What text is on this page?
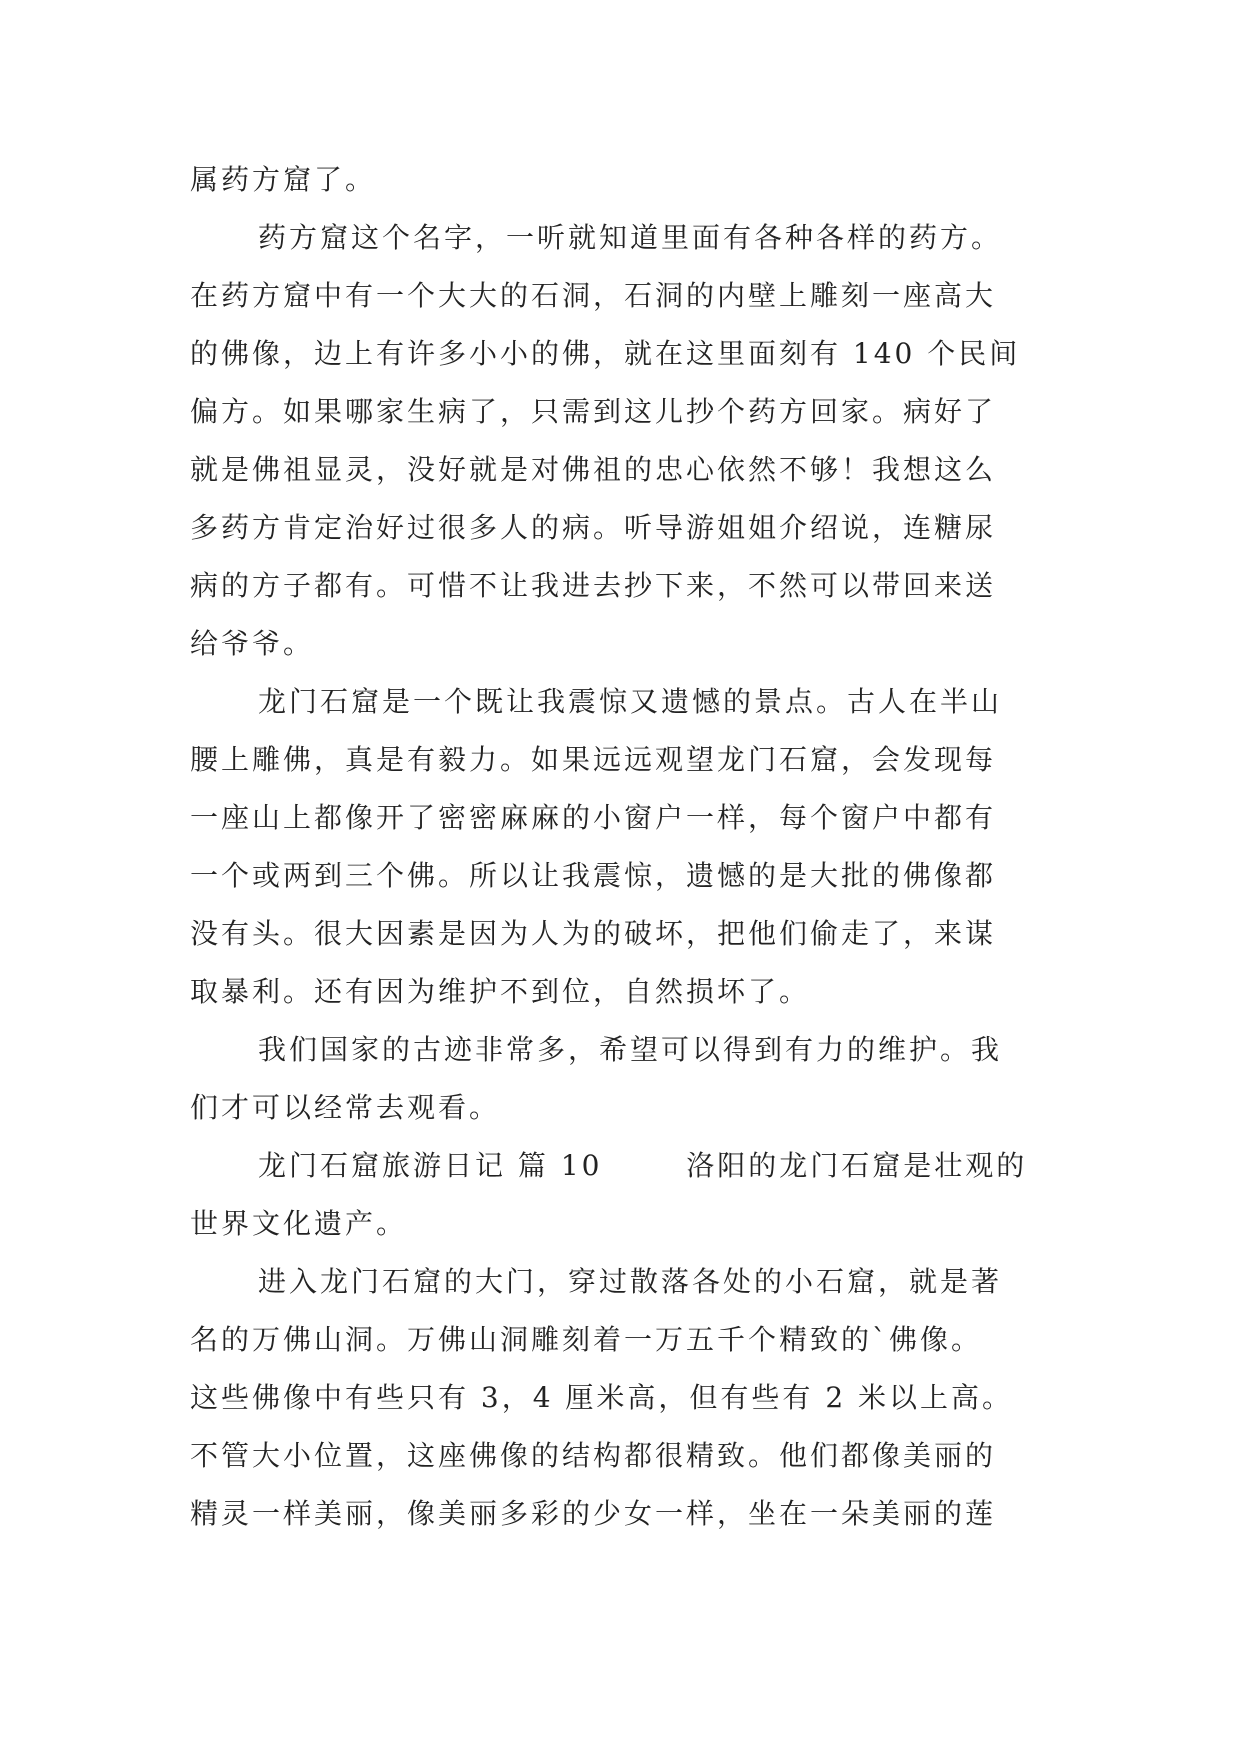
属药方窟了。
药方窟这个名字，一听就知道里面有各种各样的药方。
在药方窟中有一个大大的石洞，石洞的内壁上雕刻一座高大
的佛像，边上有许多小小的佛，就在这里面刻有 140 个民间
偏方。如果哪家生病了，只需到这儿抄个药方回家。病好了
就是佛祖显灵，没好就是对佛祖的忠心依然不够！我想这么
多药方肯定治好过很多人的病。听导游姐姐介绍说，连糖尿
病的方子都有。可惜不让我进去抄下来，不然可以带回来送
给爷爷。
龙门石窟是一个既让我震惊又遗憾的景点。古人在半山
腰上雕佛，真是有毅力。如果远远观望龙门石窟，会发现每
一座山上都像开了密密麻麻的小窗户一样，每个窗户中都有
一个或两到三个佛。所以让我震惊，遗憾的是大批的佛像都
没有头。很大因素是因为人为的破坏，把他们偷走了，来谋
取暴利。还有因为维护不到位，自然损坏了。
我们国家的古迹非常多，希望可以得到有力的维护。我
们才可以经常去观看。
龙门石窟旅游日记 篇 10	洛阳的龙门石窟是壮观的
世界文化遗产。
进入龙门石窟的大门，穿过散落各处的小石窟，就是著
名的万佛山洞。万佛山洞雕刻着一万五千个精致的`佛像。
这些佛像中有些只有 3，4 厘米高，但有些有 2 米以上高。
不管大小位置，这座佛像的结构都很精致。他们都像美丽的
精灵一样美丽，像美丽多彩的少女一样，坐在一朵美丽的莲
